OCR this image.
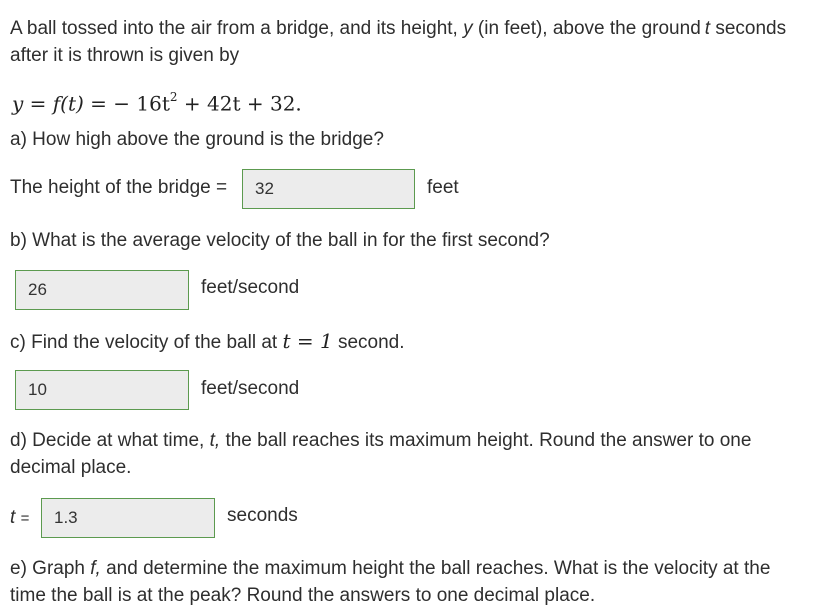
A ball tossed into the air from a bridge, and its height, y (in feet), above the ground t seconds

after it is thrown is given by

y = f(t) = − $16t^2 + 42t + 32$.

a) How high above the ground is the bridge?

The height of the bridge =	32	feet

b) What is the average velocity of the ball in for the first second?

26	feet/second

c) Find the velocity of the ball at t = 1 second.

10	feet/second

d) Decide at what time, t, the ball reaches its maximum height. Round the answer to one

decimal place.

t =	1.3	seconds

e) Graph f, and determine the maximum height the ball reaches. What is the velocity at the

time the ball is at the peak? Round the answers to one decimal place.
